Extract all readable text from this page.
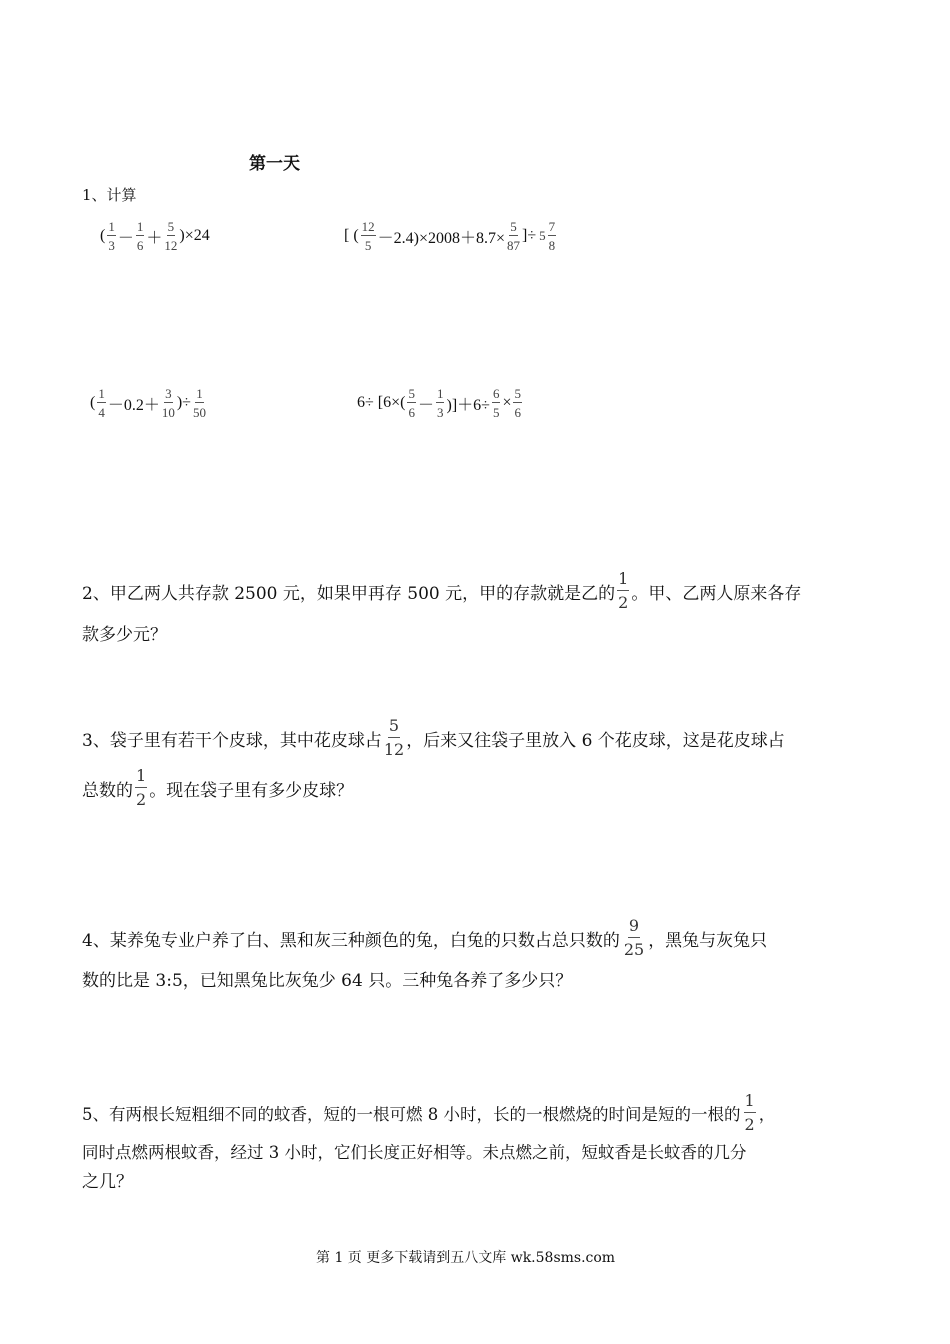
第一天
1、计算
( $\frac{1}{3} - \frac{1}{6} + \frac{5}{12} )\times 24$	[ ( $\frac{12}{5} -2.4)\times 2008+8.7\times \frac{5}{87}$ ]÷ $5 \frac{7}{8}$
( $\frac{1}{4} -0.2+ \frac{3}{10}$ )÷ $\frac{1}{50}$	$6\div [6\times( \frac{5}{6} - \frac{1}{3} )]+6\div \frac{6}{5} \times \frac{5}{6}$
2、甲乙两人共存款 2500 元，如果甲再存 500 元，甲的存款就是乙的 $\frac{1}{2}$ 。甲、乙两人原来各存
款多少元？
3、袋子里有若干个皮球，其中花皮球占 $\frac{5}{12}$ ，后来又往袋子里放入 6 个花皮球，这是花皮球占
总数的 $\frac{1}{2}$ 。现在袋子里有多少皮球？
4、某养兔专业户养了白、黑和灰三种颜色的兔，白兔的只数占总只数的 $\frac{9}{25}$ ，黑兔与灰兔只
数的比是 3:5，已知黑兔比灰兔少 64 只。三种兔各养了多少只？
5、有两根长短粗细不同的蚊香，短的一根可燃 8 小时，长的一根燃烧的时间是短的一根的 $\frac{1}{2}$ ，
同时点燃两根蚊香，经过 3 小时，它们长度正好相等。未点燃之前，短蚊香是长蚊香的几分
之几？
第 1 页 更多下载请到五八文库 wk.58sms.com
